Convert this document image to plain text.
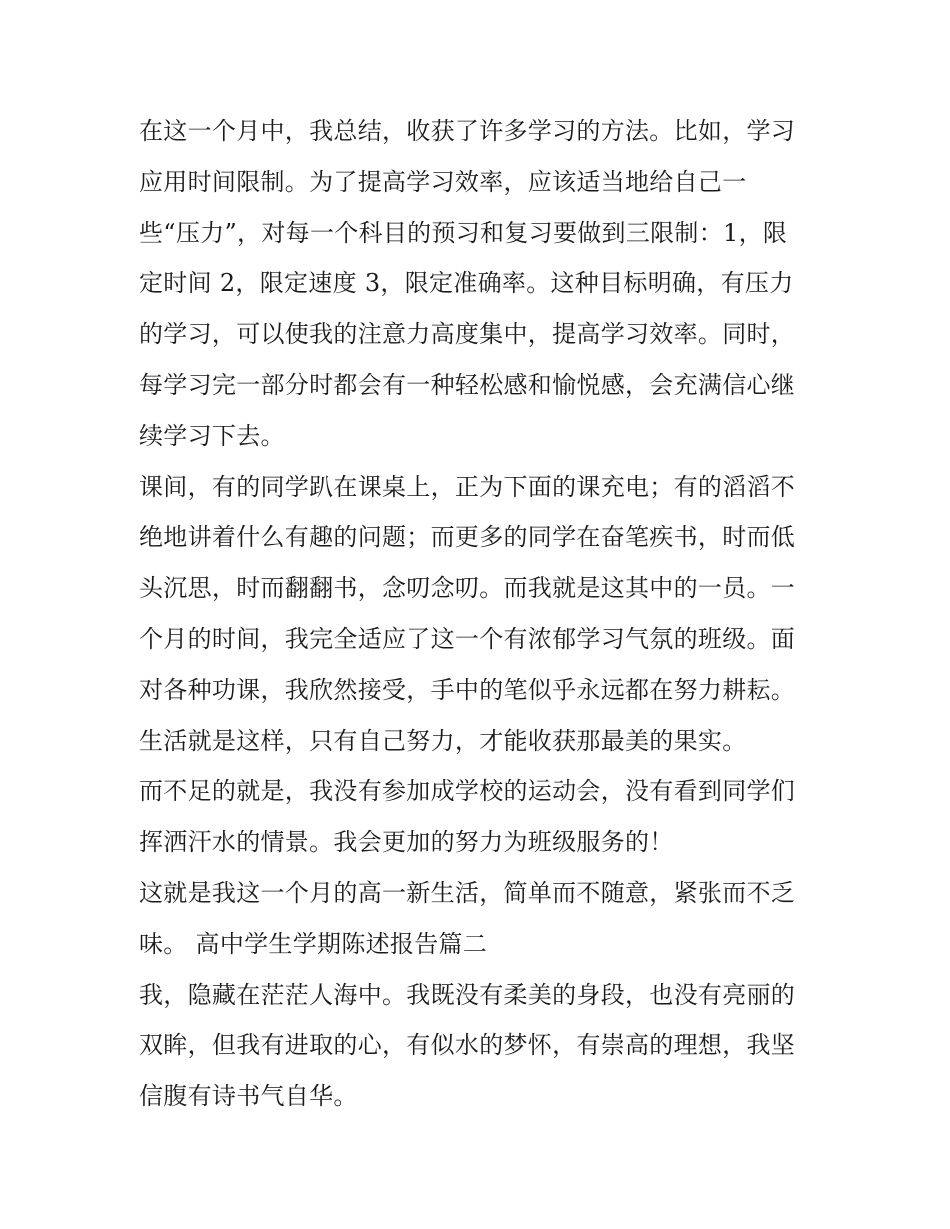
在这一个月中，我总结，收获了许多学习的方法。比如，学习
应用时间限制。为了提高学习效率，应该适当地给自己一
些“压力”，对每一个科目的预习和复习要做到三限制：1，限
定时间 2，限定速度 3，限定准确率。这种目标明确，有压力
的学习，可以使我的注意力高度集中，提高学习效率。同时，
每学习完一部分时都会有一种轻松感和愉悦感，会充满信心继
续学习下去。
课间，有的同学趴在课桌上，正为下面的课充电；有的滔滔不
绝地讲着什么有趣的问题；而更多的同学在奋笔疾书，时而低
头沉思，时而翻翻书，念叨念叨。而我就是这其中的一员。一
个月的时间，我完全适应了这一个有浓郁学习气氛的班级。面
对各种功课，我欣然接受，手中的笔似乎永远都在努力耕耘。
生活就是这样，只有自己努力，才能收获那最美的果实。
而不足的就是，我没有参加成学校的运动会，没有看到同学们
挥洒汗水的情景。我会更加的努力为班级服务的！
这就是我这一个月的高一新生活，简单而不随意，紧张而不乏
味。 高中学生学期陈述报告篇二
我，隐藏在茫茫人海中。我既没有柔美的身段，也没有亮丽的
双眸，但我有进取的心，有似水的梦怀，有崇高的理想，我坚
信腹有诗书气自华。
